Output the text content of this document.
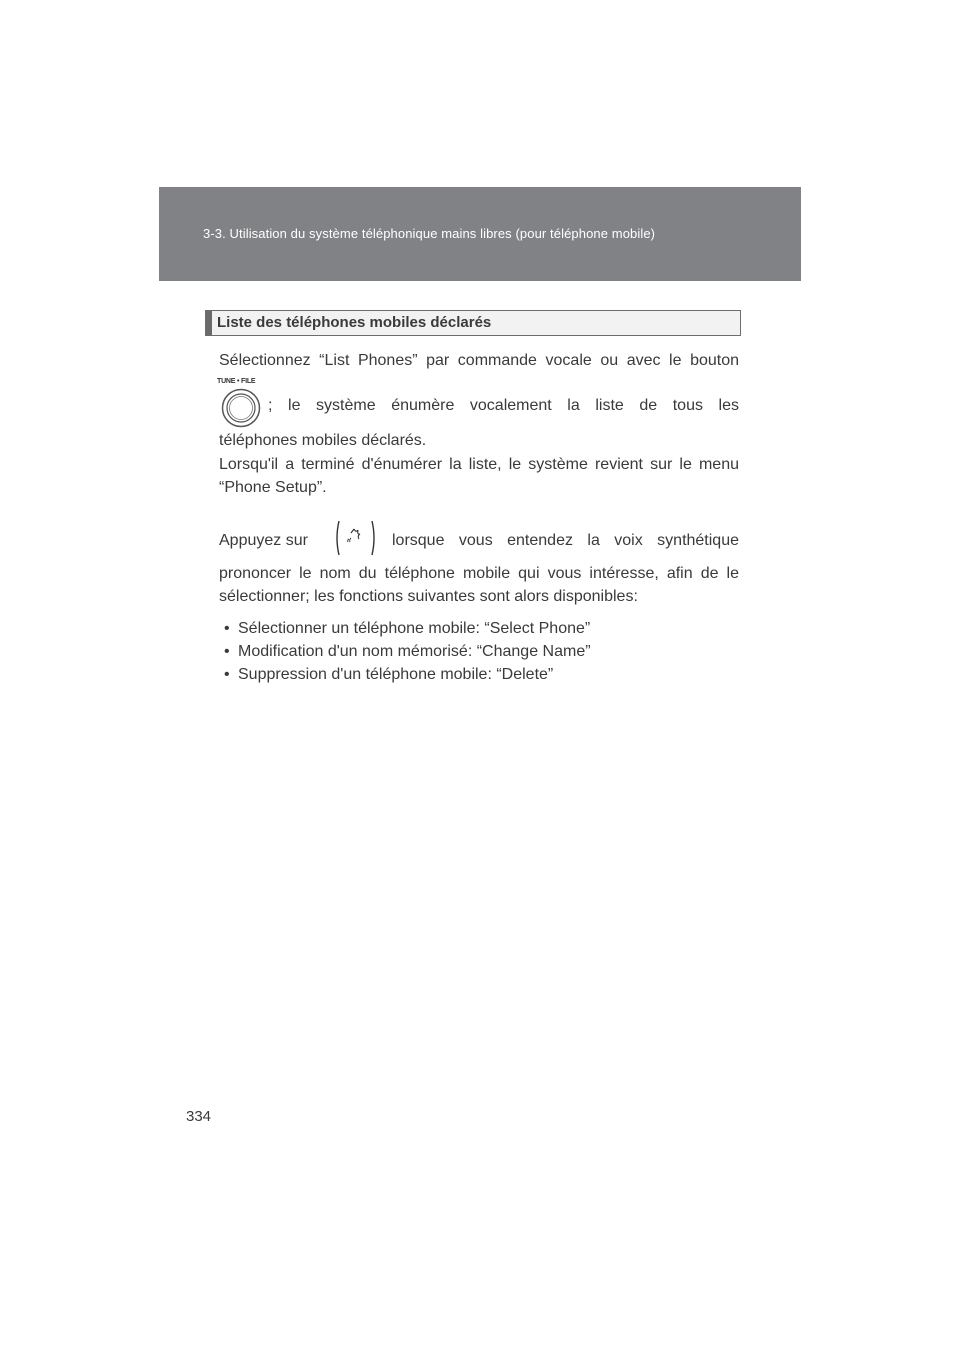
3-3. Utilisation du système téléphonique mains libres (pour téléphone mobile)
Liste des téléphones mobiles déclarés
Sélectionnez “List Phones” par commande vocale ou avec le bouton
TUNE • FILE
; le système énumère vocalement la liste de tous les
téléphones mobiles déclarés.
Lorsqu'il a terminé d'énumérer la liste, le système revient sur le menu
“Phone Setup”.
Appuyez sur	lorsque vous entendez la voix synthétique
prononcer le nom du téléphone mobile qui vous intéresse, afin de le
sélectionner; les fonctions suivantes sont alors disponibles:
• Sélectionner un téléphone mobile: “Select Phone”
• Modification d'un nom mémorisé: “Change Name”
• Suppression d'un téléphone mobile: “Delete”
334
